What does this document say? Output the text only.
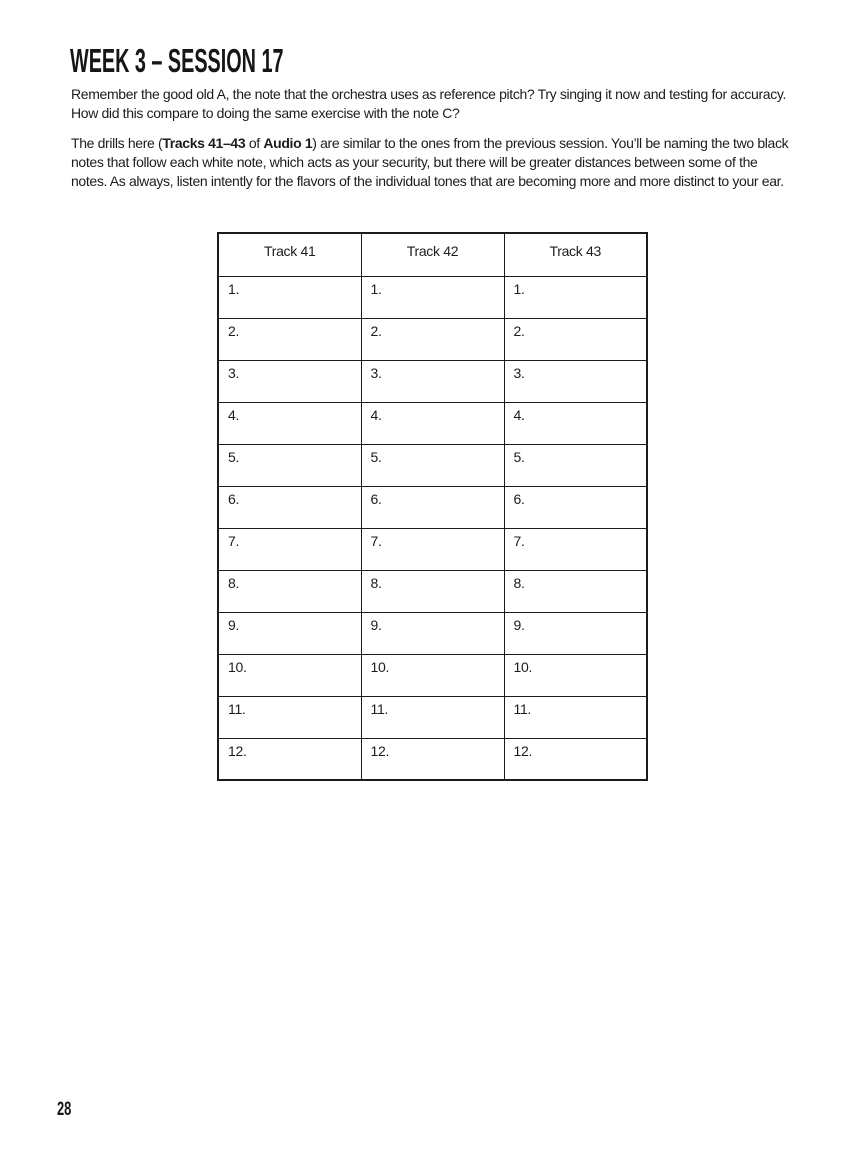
WEEK 3 – SESSION 17

Remember the good old A, the note that the orchestra uses as reference pitch? Try singing it now and testing for accuracy. How did this compare to doing the same exercise with the note C?

The drills here (Tracks 41–43 of Audio 1) are similar to the ones from the previous session. You’ll be naming the two black notes that follow each white note, which acts as your security, but there will be greater distances between some of the notes. As always, listen intently for the flavors of the individual tones that are becoming more and more distinct to your ear.

Track 41	Track 42	Track 43
1.	1.	1.
2.	2.	2.
3.	3.	3.
4.	4.	4.
5.	5.	5.
6.	6.	6.
7.	7.	7.
8.	8.	8.
9.	9.	9.
10.	10.	10.
11.	11.	11.
12.	12.	12.
28
